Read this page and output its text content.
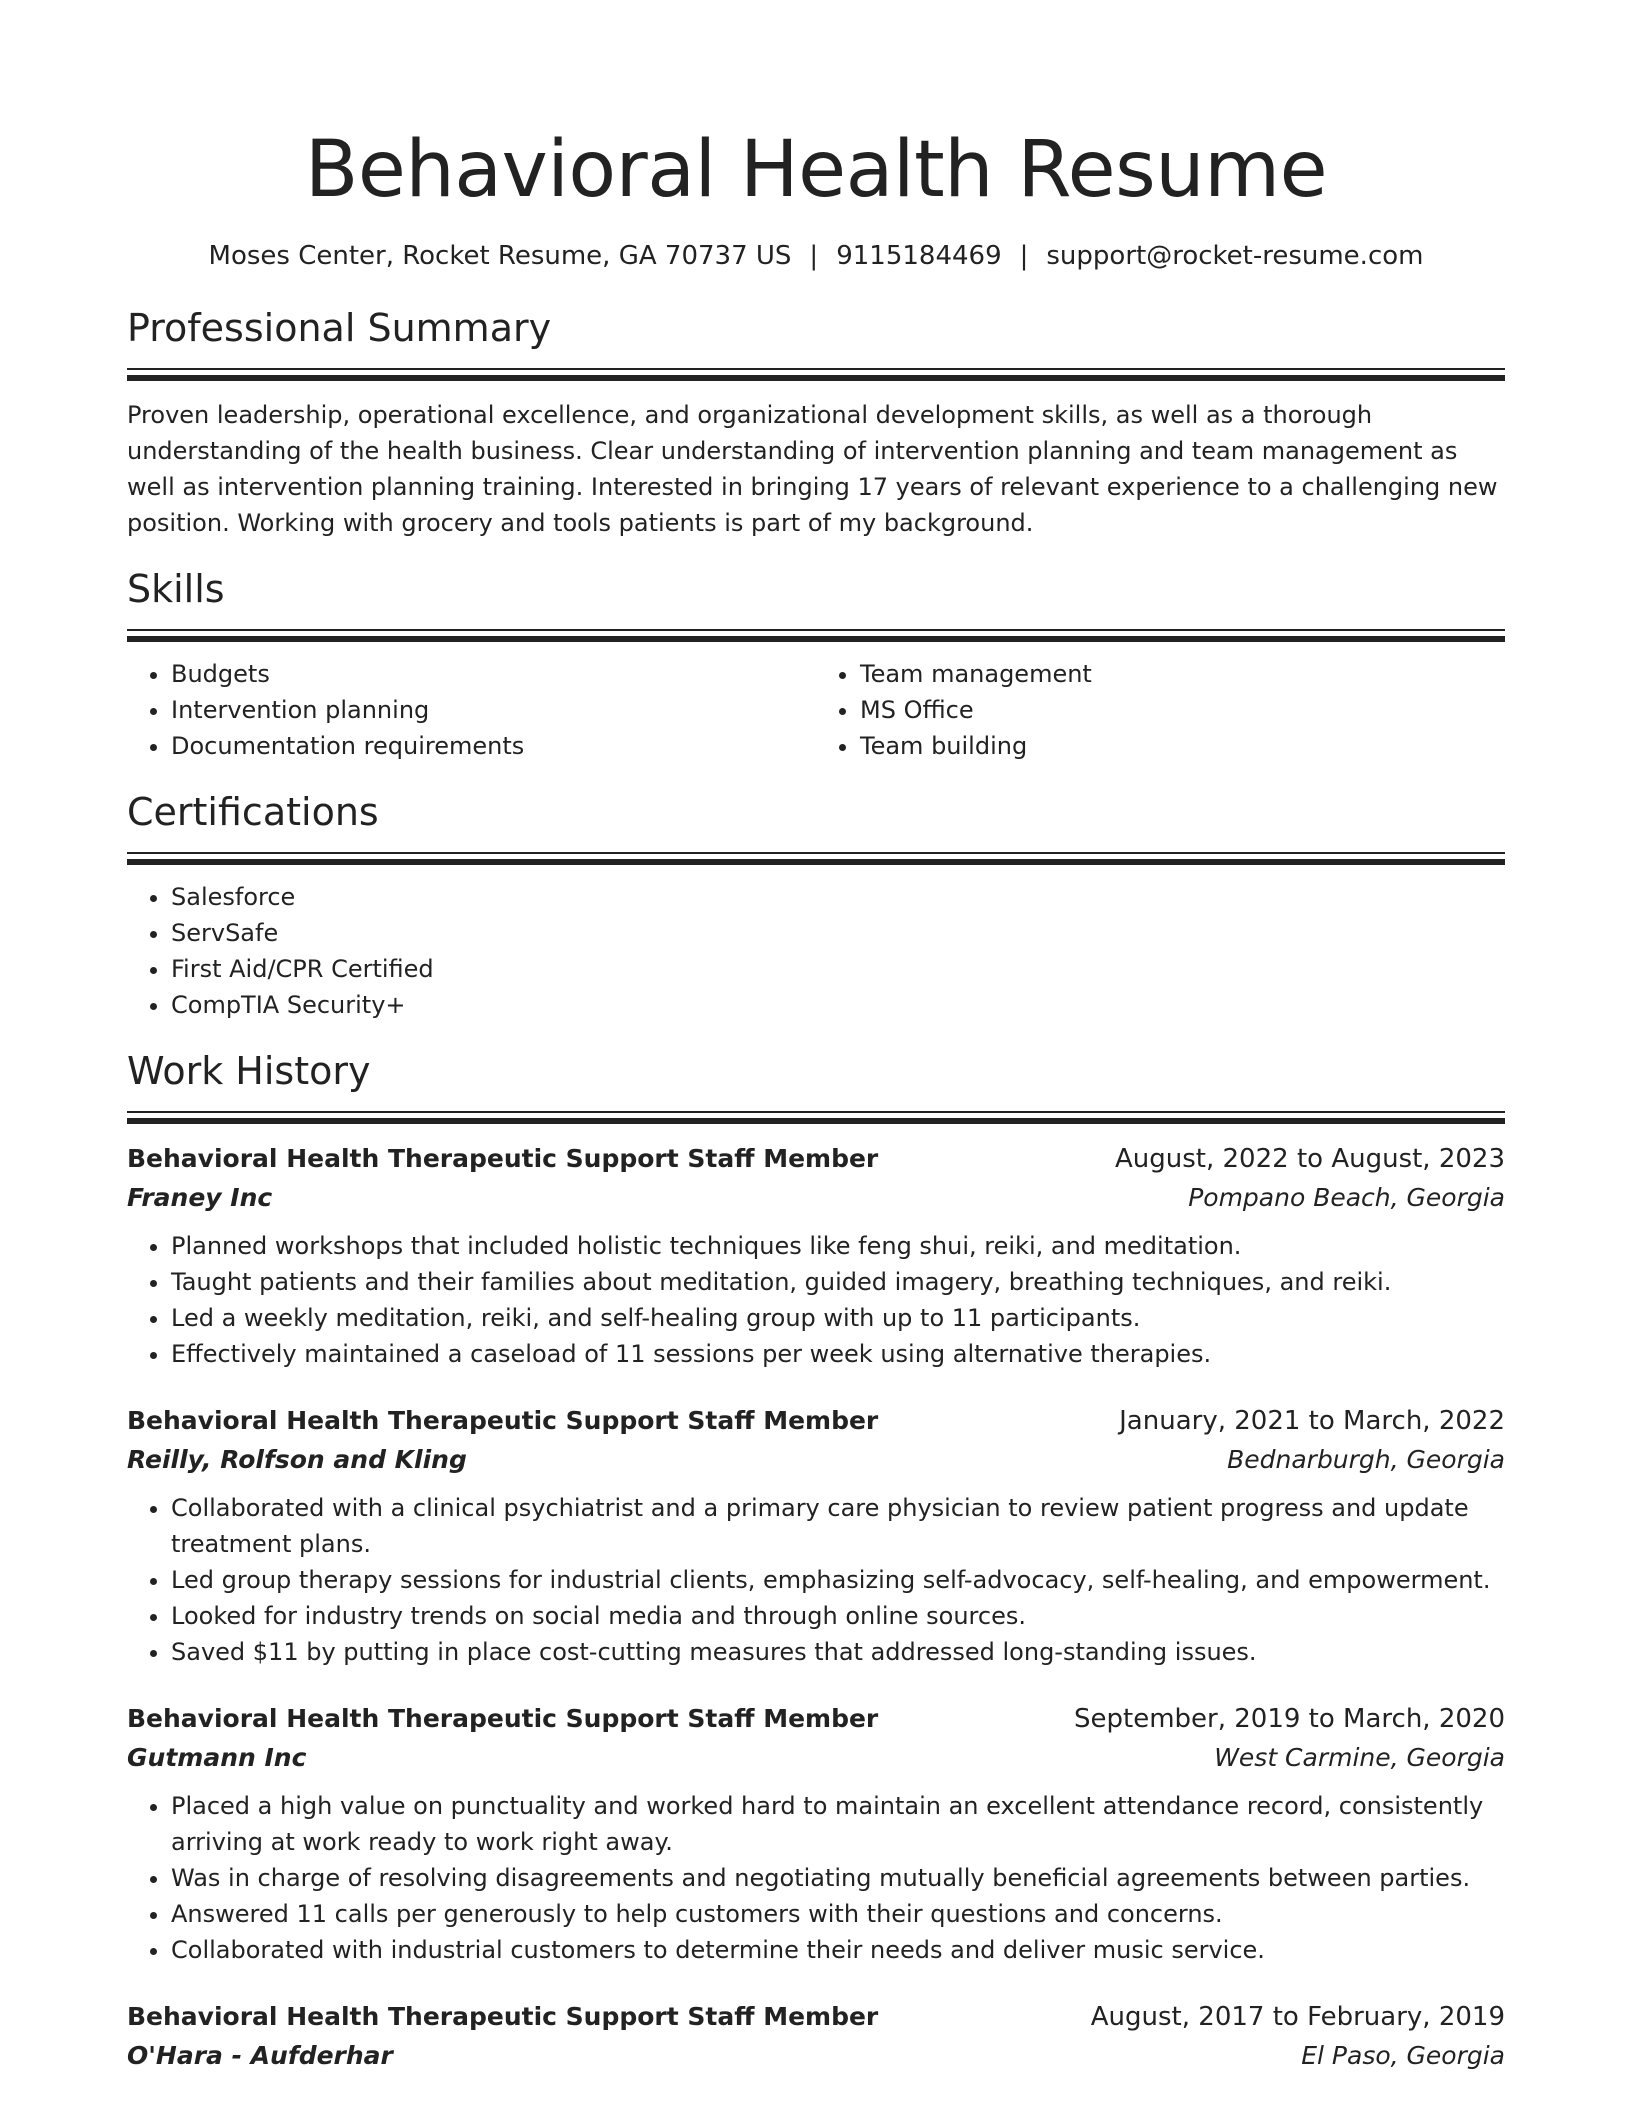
Behavioral Health Resume
Moses Center, Rocket Resume, GA 70737 US | 9115184469 | support@rocket-resume.com
Professional Summary
Proven leadership, operational excellence, and organizational development skills, as well as a thorough understanding of the health business. Clear understanding of intervention planning and team management as well as intervention planning training. Interested in bringing 17 years of relevant experience to a challenging new position. Working with grocery and tools patients is part of my background.
Skills
• Budgets
• Intervention planning
• Documentation requirements
• Team management
• MS Office
• Team building
Certifications
• Salesforce
• ServSafe
• First Aid/CPR Certified
• CompTIA Security+
Work History
Behavioral Health Therapeutic Support Staff Member	August, 2022 to August, 2023
Franey Inc	Pompano Beach, Georgia
• Planned workshops that included holistic techniques like feng shui, reiki, and meditation.
• Taught patients and their families about meditation, guided imagery, breathing techniques, and reiki.
• Led a weekly meditation, reiki, and self-healing group with up to 11 participants.
• Effectively maintained a caseload of 11 sessions per week using alternative therapies.
Behavioral Health Therapeutic Support Staff Member	January, 2021 to March, 2022
Reilly, Rolfson and Kling	Bednarburgh, Georgia
• Collaborated with a clinical psychiatrist and a primary care physician to review patient progress and update treatment plans.
• Led group therapy sessions for industrial clients, emphasizing self-advocacy, self-healing, and empowerment.
• Looked for industry trends on social media and through online sources.
• Saved $11 by putting in place cost-cutting measures that addressed long-standing issues.
Behavioral Health Therapeutic Support Staff Member	September, 2019 to March, 2020
Gutmann Inc	West Carmine, Georgia
• Placed a high value on punctuality and worked hard to maintain an excellent attendance record, consistently arriving at work ready to work right away.
• Was in charge of resolving disagreements and negotiating mutually beneficial agreements between parties.
• Answered 11 calls per generously to help customers with their questions and concerns.
• Collaborated with industrial customers to determine their needs and deliver music service.
Behavioral Health Therapeutic Support Staff Member	August, 2017 to February, 2019
O'Hara - Aufderhar	El Paso, Georgia
